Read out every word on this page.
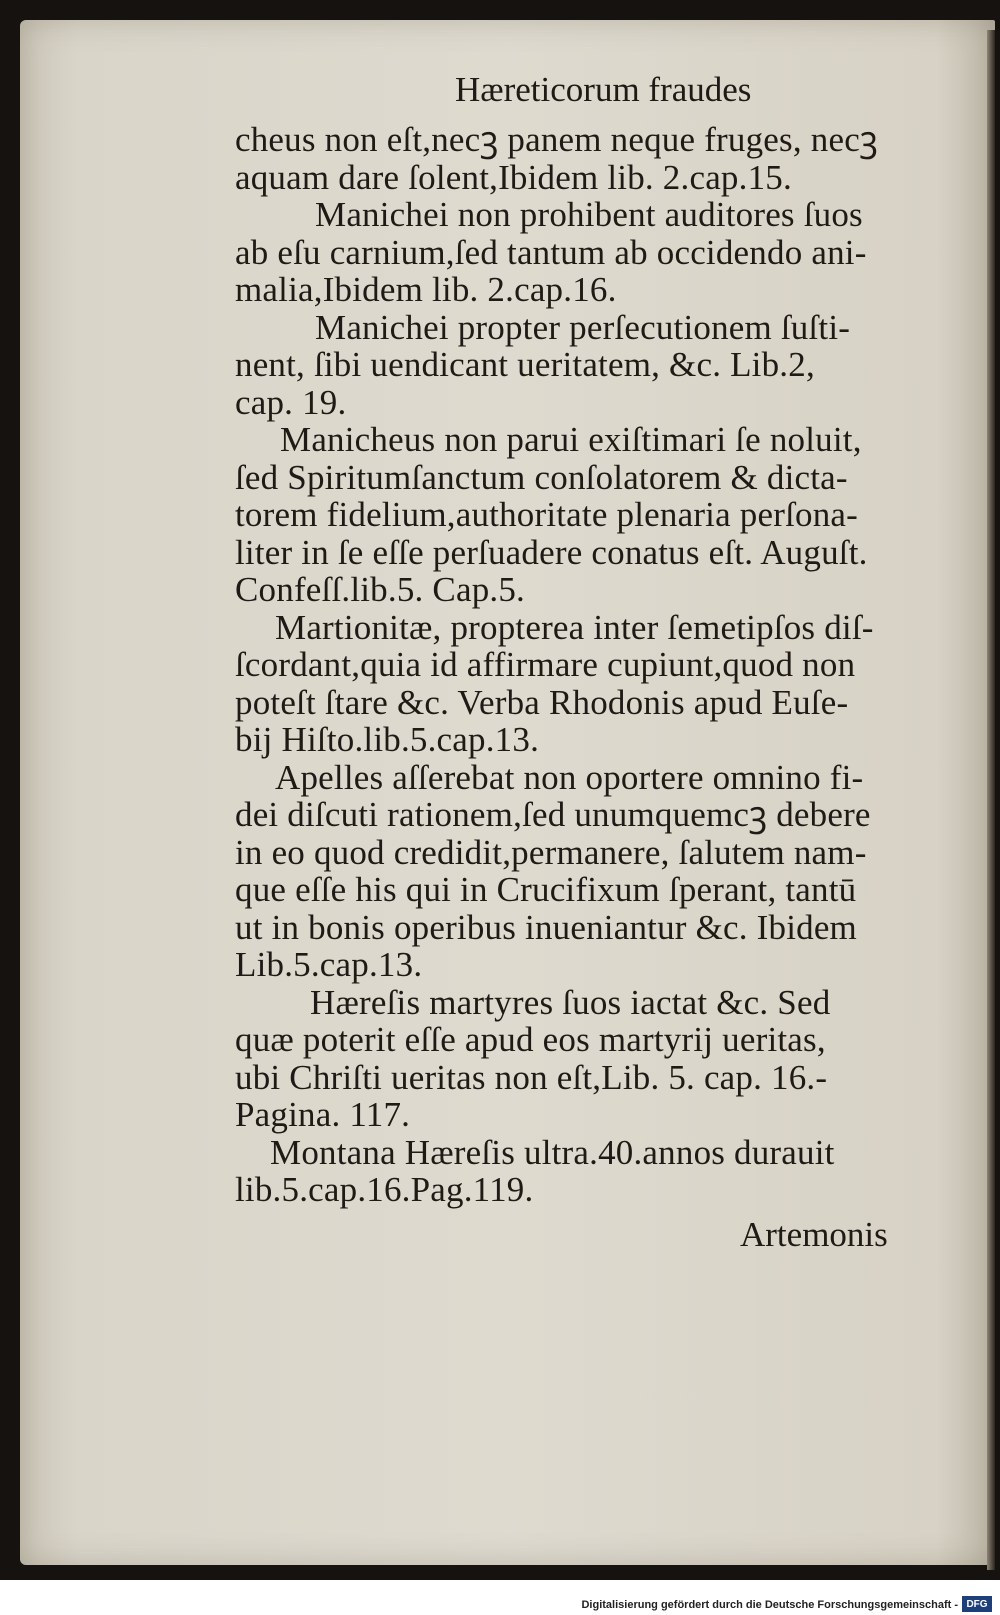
Hæreticorum fraudes
cheus non eſt,necꝫ panem neque fruges, necꝫ
aquam dare ſolent,Ibidem lib. 2.cap.15.
Manichei non prohibent auditores ſuos
ab eſu carnium,ſed tantum ab occidendo ani-
malia,Ibidem lib. 2.cap.16.
Manichei propter perſecutionem ſuſti-
nent, ſibi uendicant ueritatem, &c. Lib.2,
cap. 19.
Manicheus non parui exiſtimari ſe noluit,
ſed Spiritumſanctum conſolatorem & dicta-
torem fidelium,authoritate plenaria perſona-
liter in ſe eſſe perſuadere conatus eſt. Auguſt.
Confeſſ.lib.5. Cap.5.
Martionitæ, propterea inter ſemetipſos diſ-
ſcordant,quia id affirmare cupiunt,quod non
poteſt ſtare &c. Verba Rhodonis apud Euſe-
bij Hiſto.lib.5.cap.13.
Apelles aſſerebat non oportere omnino fi-
dei diſcuti rationem,ſed unumquemcꝫ debere
in eo quod credidit,permanere, ſalutem nam-
que eſſe his qui in Crucifixum ſperant, tantū
ut in bonis operibus inueniantur &c. Ibidem
Lib.5.cap.13.
Hæreſis martyres ſuos iactat &c. Sed
quæ poterit eſſe apud eos martyrij ueritas,
ubi Chriſti ueritas non eſt,Lib. 5. cap. 16.-
Pagina. 117.
Montana Hæreſis ultra.40.annos durauit
lib.5.cap.16.Pag.119.
Artemonis
Digitalisierung gefördert durch die Deutsche Forschungsgemeinschaft - DFG
